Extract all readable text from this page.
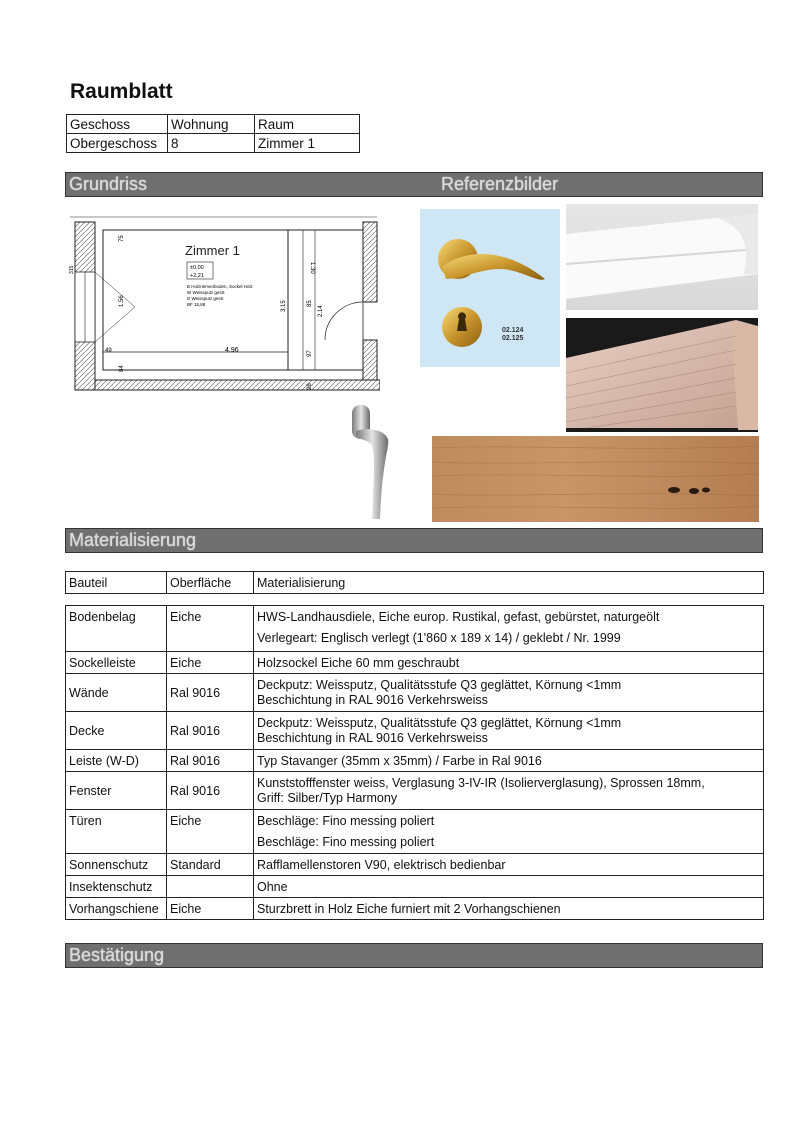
Raumblatt
Geschoss	Wohnung	Raum
Obergeschoss	8	Zimmer 1
Grundriss	Referenzbilder
Zimmer 1
±0,00
+2,21
B Holzriemenboden, Sockel Holz
W Weissputz gestr.
D Weissputz gestr.
BF 15,88
4.96
49
1.30
75
1.56	3.15	85
2.14
97
84
26
315
02.124
02.125
Materialisierung
Bauteil	Oberfläche	Materialisierung
Bodenbelag	Eiche	HWS-Landhausdiele, Eiche europ. Rustikal, gefast, gebürstet, naturgeölt
Verlegeart: Englisch verlegt (1'860 x 189 x 14) / geklebt / Nr. 1999

Sockelleiste	Eiche	Holzsockel Eiche 60 mm geschraubt
Wände	Ral 9016	Deckputz: Weissputz, Qualitätsstufe Q3 geglättet, Körnung <1mm
Beschichtung in RAL 9016 Verkehrsweiss

Decke	Ral 9016	Deckputz: Weissputz, Qualitätsstufe Q3 geglättet, Körnung <1mm
Beschichtung in RAL 9016 Verkehrsweiss

Leiste (W-D)	Ral 9016	Typ Stavanger (35mm x 35mm) / Farbe in Ral 9016
Fenster	Ral 9016	Kunststofffenster weiss, Verglasung 3-IV-IR (Isolierverglasung), Sprossen 18mm,
Griff: Silber/Typ Harmony

Türen	Eiche	Beschläge: Fino messing poliert
Beschläge: Fino messing poliert

Sonnenschutz	Standard	Rafflamellenstoren V90, elektrisch bedienbar
Insektenschutz		Ohne
Vorhangschiene	Eiche	Sturzbrett in Holz Eiche furniert mit 2 Vorhangschienen
Bestätigung
